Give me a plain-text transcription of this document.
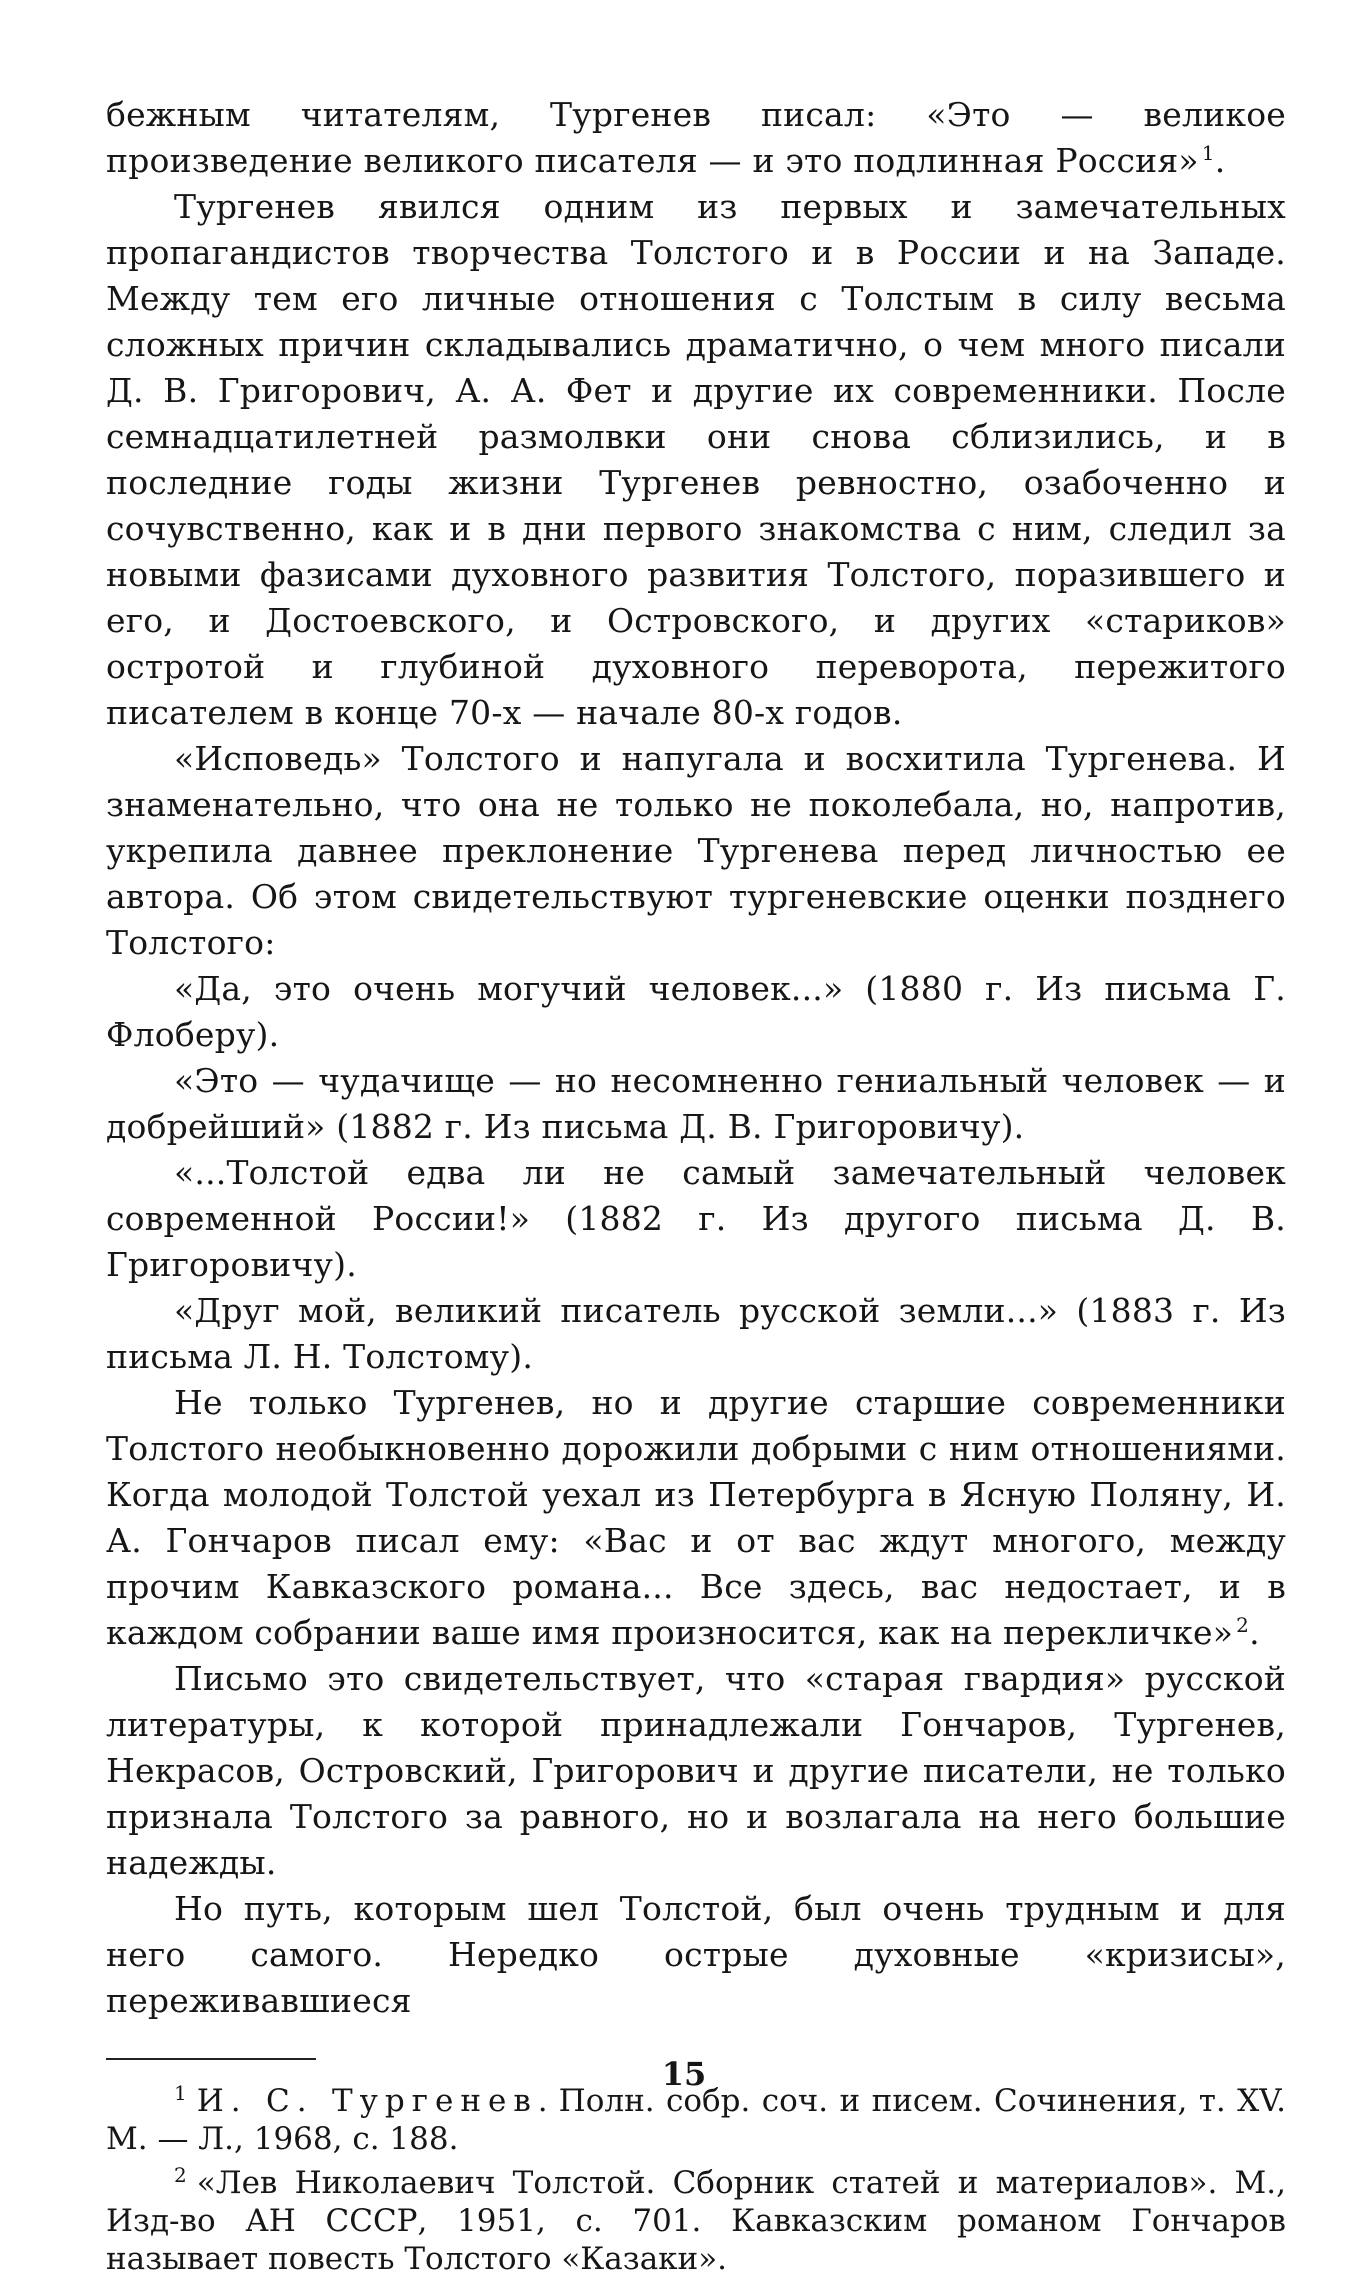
бежным читателям, Тургенев писал: «Это — великое произведение великого писателя — и это подлинная Россия» $^1$.

Тургенев явился одним из первых и замечательных пропагандистов творчества Толстого и в России и на Западе. Между тем его личные отношения с Толстым в силу весьма сложных причин складывались драматично, о чем много писали Д. В. Григорович, А. А. Фет и другие их современники. После семнадцатилетней размолвки они снова сблизились, и в последние годы жизни Тургенев ревностно, озабоченно и сочувственно, как и в дни первого знакомства с ним, следил за новыми фазисами духовного развития Толстого, поразившего и его, и Достоевского, и Островского, и других «стариков» остротой и глубиной духовного переворота, пережитого писателем в конце 70-х — начале 80-х годов.

«Исповедь» Толстого и напугала и восхитила Тургенева. И знаменательно, что она не только не поколебала, но, напротив, укрепила давнее преклонение Тургенева перед личностью ее автора. Об этом свидетельствуют тургеневские оценки позднего Толстого:

«Да, это очень могучий человек...» (1880 г. Из письма Г. Флоберу).

«Это — чудачище — но несомненно гениальный человек — и добрейший» (1882 г. Из письма Д. В. Григоровичу).

«...Толстой едва ли не самый замечательный человек современной России!» (1882 г. Из другого письма Д. В. Григоровичу).

«Друг мой, великий писатель русской земли...» (1883 г. Из письма Л. Н. Толстому).

Не только Тургенев, но и другие старшие современники Толстого необыкновенно дорожили добрыми с ним отношениями. Когда молодой Толстой уехал из Петербурга в Ясную Поляну, И. А. Гончаров писал ему: «Вас и от вас ждут многого, между прочим Кавказского романа... Все здесь, вас недостает, и в каждом собрании ваше имя произносится, как на перекличке» $^2$.

Письмо это свидетельствует, что «старая гвардия» русской литературы, к которой принадлежали Гончаров, Тургенев, Некрасов, Островский, Григорович и другие писатели, не только признала Толстого за равного, но и возлагала на него большие надежды.

Но путь, которым шел Толстой, был очень трудным и для него самого. Нередко острые духовные «кризисы», переживавшиеся

$^1$ И. С. Тургенев. Полн. собр. соч. и писем. Сочинения, т. XV. М. — Л., 1968, с. 188.

$^2$ «Лев Николаевич Толстой. Сборник статей и материалов». М., Изд-во АН СССР, 1951, с. 701. Кавказским романом Гончаров называет повесть Толстого «Казаки».

15
